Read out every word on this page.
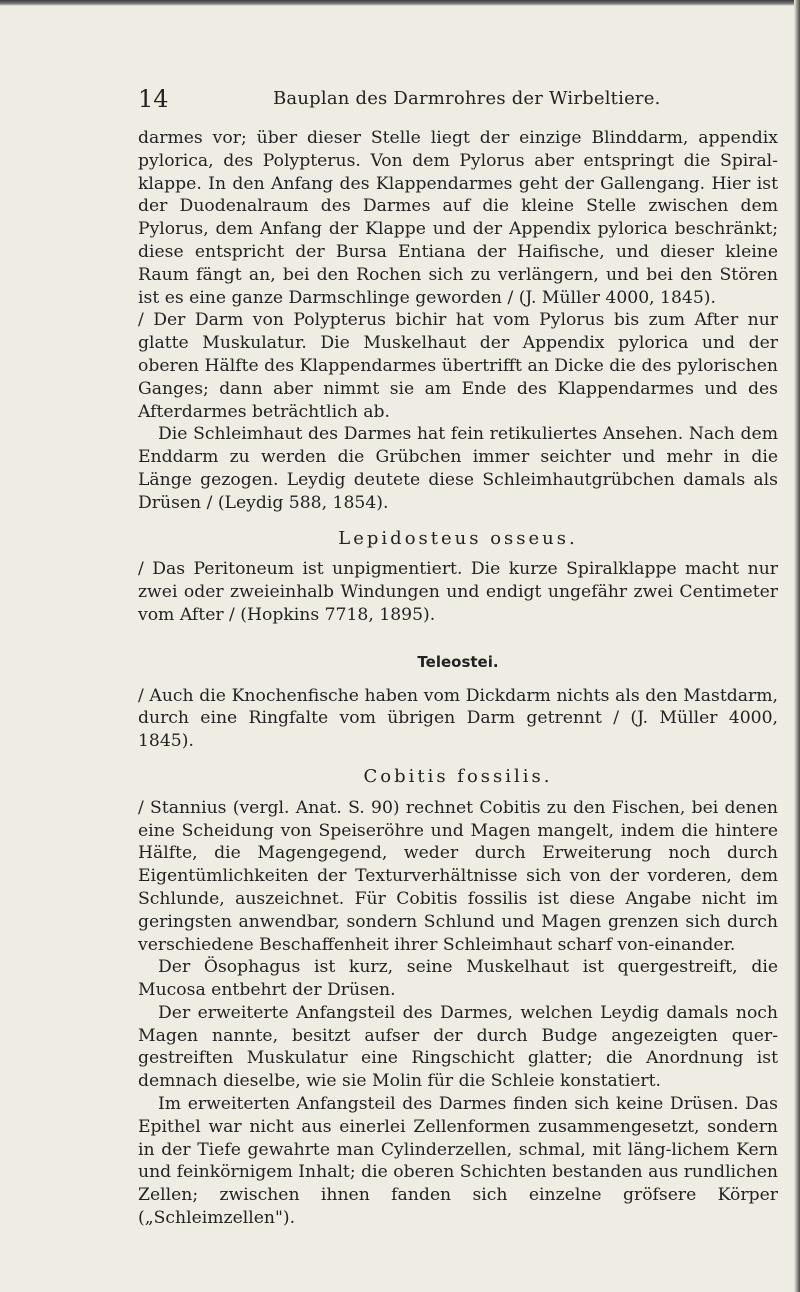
14	Bauplan des Darmrohres der Wirbeltiere.

darmes vor; über dieser Stelle liegt der einzige Blinddarm, appendix pylorica, des Polypterus. Von dem Pylorus aber entspringt die Spiral-klappe. In den Anfang des Klappendarmes geht der Gallengang. Hier ist der Duodenalraum des Darmes auf die kleine Stelle zwischen dem Pylorus, dem Anfang der Klappe und der Appendix pylorica beschränkt; diese entspricht der Bursa Entiana der Haifische, und dieser kleine Raum fängt an, bei den Rochen sich zu verlängern, und bei den Stören ist es eine ganze Darmschlinge geworden / (J. Müller 4000, 1845).

/ Der Darm von Polypterus bichir hat vom Pylorus bis zum After nur glatte Muskulatur. Die Muskelhaut der Appendix pylorica und der oberen Hälfte des Klappendarmes übertrifft an Dicke die des pylorischen Ganges; dann aber nimmt sie am Ende des Klappendarmes und des Afterdarmes beträchtlich ab.

Die Schleimhaut des Darmes hat fein retikuliertes Ansehen. Nach dem Enddarm zu werden die Grübchen immer seichter und mehr in die Länge gezogen. Leydig deutete diese Schleimhautgrübchen damals als Drüsen / (Leydig 588, 1854).

Lepidosteus osseus.

/ Das Peritoneum ist unpigmentiert. Die kurze Spiralklappe macht nur zwei oder zweieinhalb Windungen und endigt ungefähr zwei Centimeter vom After / (Hopkins 7718, 1895).

Teleostei.

/ Auch die Knochenfische haben vom Dickdarm nichts als den Mastdarm, durch eine Ringfalte vom übrigen Darm getrennt / (J. Müller 4000, 1845).

Cobitis fossilis.

/ Stannius (vergl. Anat. S. 90) rechnet Cobitis zu den Fischen, bei denen eine Scheidung von Speiseröhre und Magen mangelt, indem die hintere Hälfte, die Magengegend, weder durch Erweiterung noch durch Eigentümlichkeiten der Texturverhältnisse sich von der vorderen, dem Schlunde, auszeichnet. Für Cobitis fossilis ist diese Angabe nicht im geringsten anwendbar, sondern Schlund und Magen grenzen sich durch verschiedene Beschaffenheit ihrer Schleimhaut scharf von-einander.

Der Ösophagus ist kurz, seine Muskelhaut ist quergestreift, die Mucosa entbehrt der Drüsen.

Der erweiterte Anfangsteil des Darmes, welchen Leydig damals noch Magen nannte, besitzt aufser der durch Budge angezeigten quer-gestreiften Muskulatur eine Ringschicht glatter; die Anordnung ist demnach dieselbe, wie sie Molin für die Schleie konstatiert.

Im erweiterten Anfangsteil des Darmes finden sich keine Drüsen. Das Epithel war nicht aus einerlei Zellenformen zusammengesetzt, sondern in der Tiefe gewahrte man Cylinderzellen, schmal, mit läng-lichem Kern und feinkörnigem Inhalt; die oberen Schichten bestanden aus rundlichen Zellen; zwischen ihnen fanden sich einzelne gröfsere Körper („Schleimzellen").
